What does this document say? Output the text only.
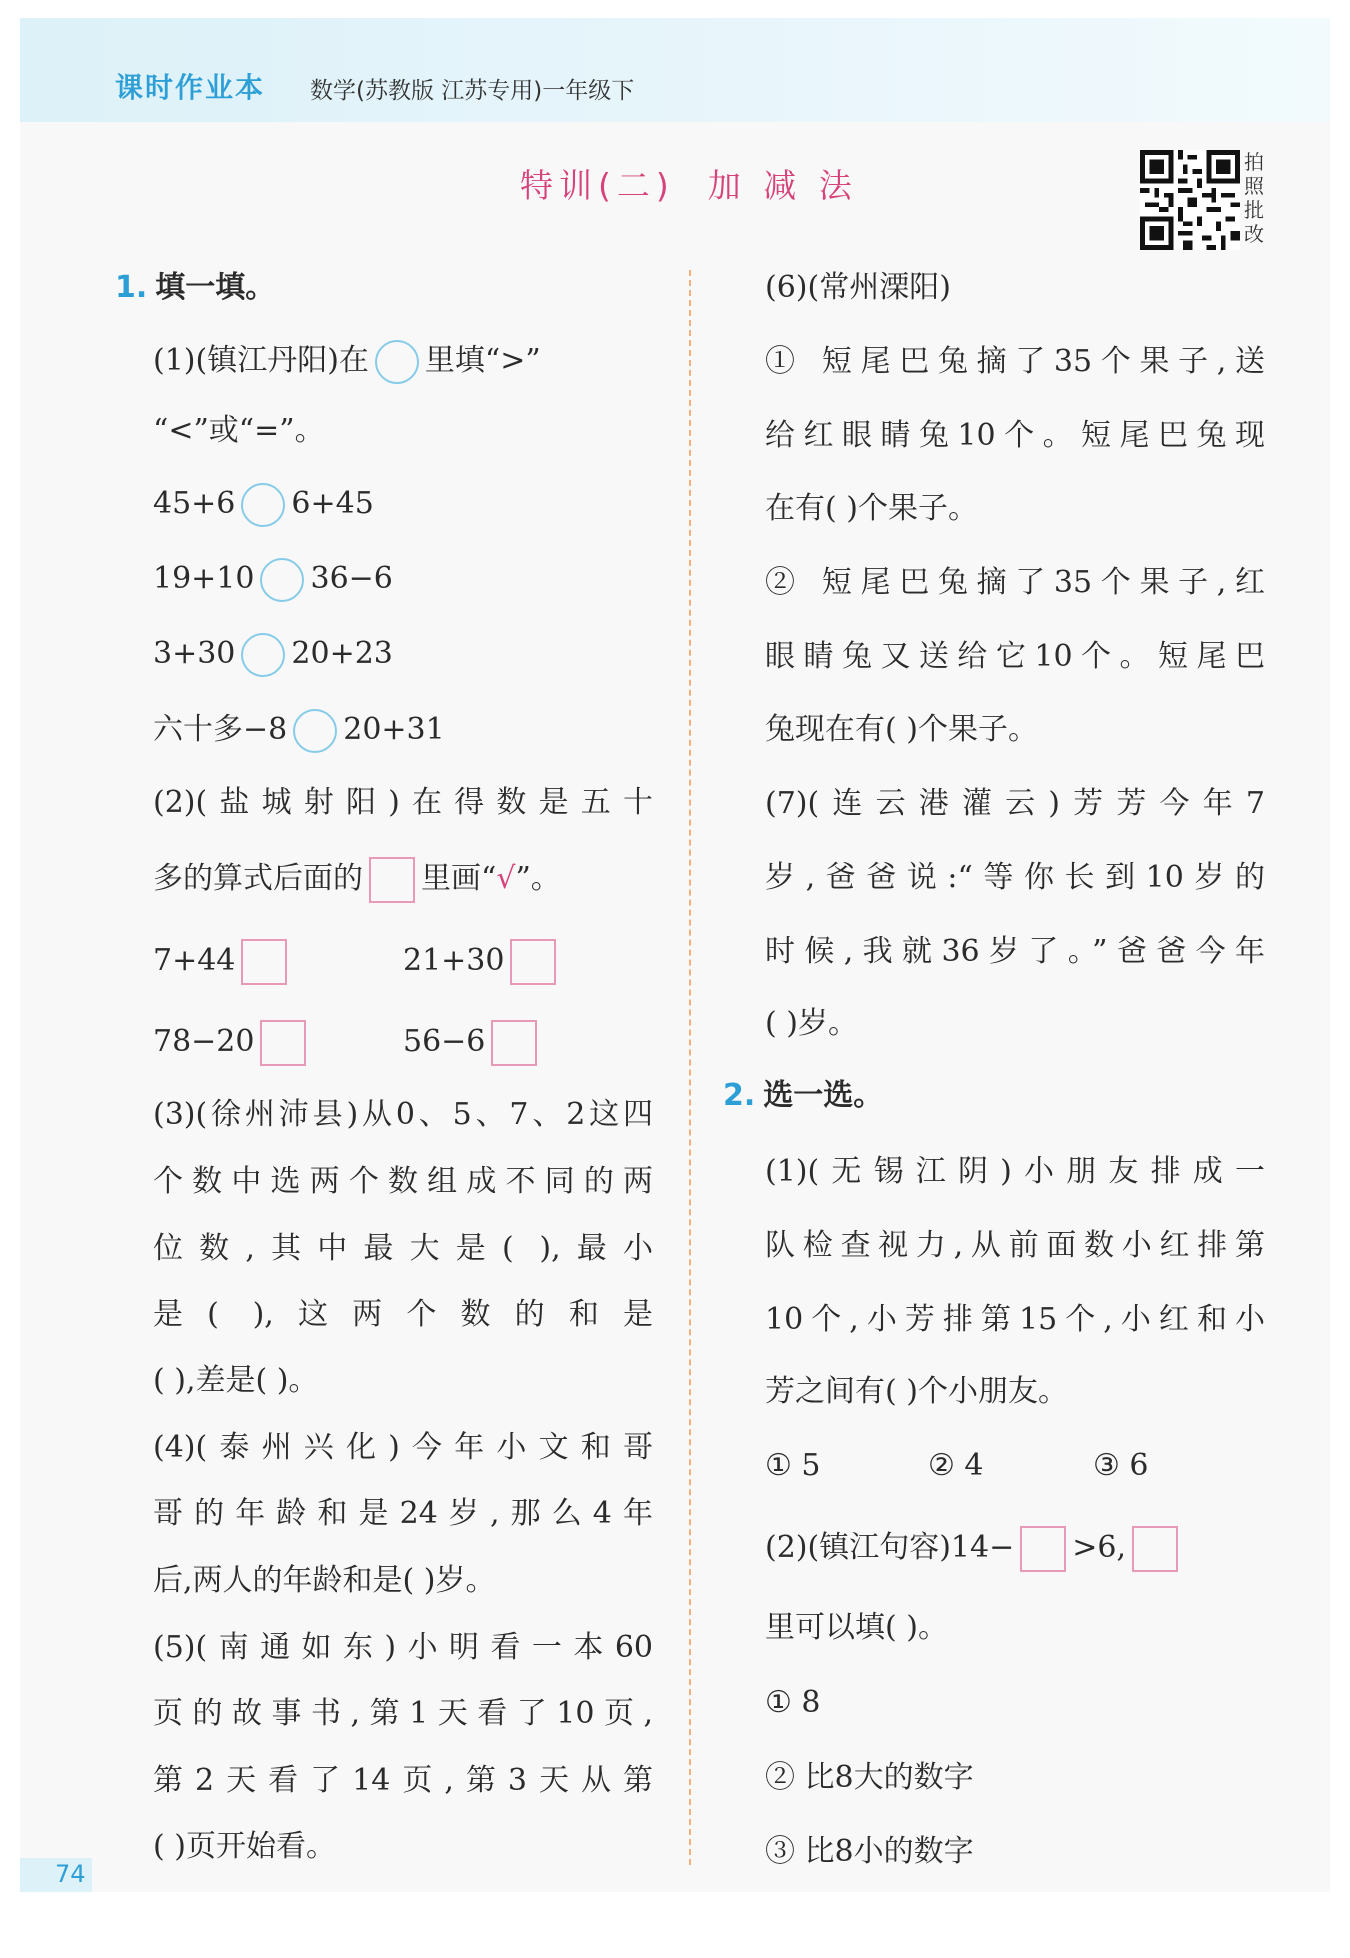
课时作业本 数学(苏教版 江苏专用)一年级下
特训(二)  加 减 法
拍
照
批
改
1. 填一填。
(1)(镇江丹阳)在 里填“>”
“<”或“=”。
45+6 6+45
19+10 36−6
3+30 20+23
六十多−8 20+31
(2)(盐城射阳)在得数是五十
多的算式后面的 里画“√”。
7+44	21+30
78−20	56−6
(3)(徐州沛县)从0、5、7、2这四
个数中选两个数组成不同的两
位数,其中最大是( ),最小
是( ),这两个数的和是
( ),差是( )。
(4)(泰州兴化)今年小文和哥
哥的年龄和是24岁,那么4年
后,两人的年龄和是( )岁。
(5)(南通如东)小明看一本60
页的故事书,第1天看了10页,
第2天看了14页,第3天从第
( )页开始看。
(6)(常州溧阳)
① 短尾巴兔摘了35个果子,送
给红眼睛兔10个。短尾巴兔现
在有( )个果子。
② 短尾巴兔摘了35个果子,红
眼睛兔又送给它10个。短尾巴
兔现在有( )个果子。
(7)(连云港灌云)芳芳今年7
岁,爸爸说:“等你长到10岁的
时候,我就36岁了。”爸爸今年
( )岁。
2. 选一选。
(1)(无锡江阴)小朋友排成一
队检查视力,从前面数小红排第
10个,小芳排第15个,小红和小
芳之间有( )个小朋友。
① 5	② 4	③ 6
(2)(镇江句容)14− >6,
里可以填( )。
① 8
② 比8大的数字
③ 比8小的数字
74
